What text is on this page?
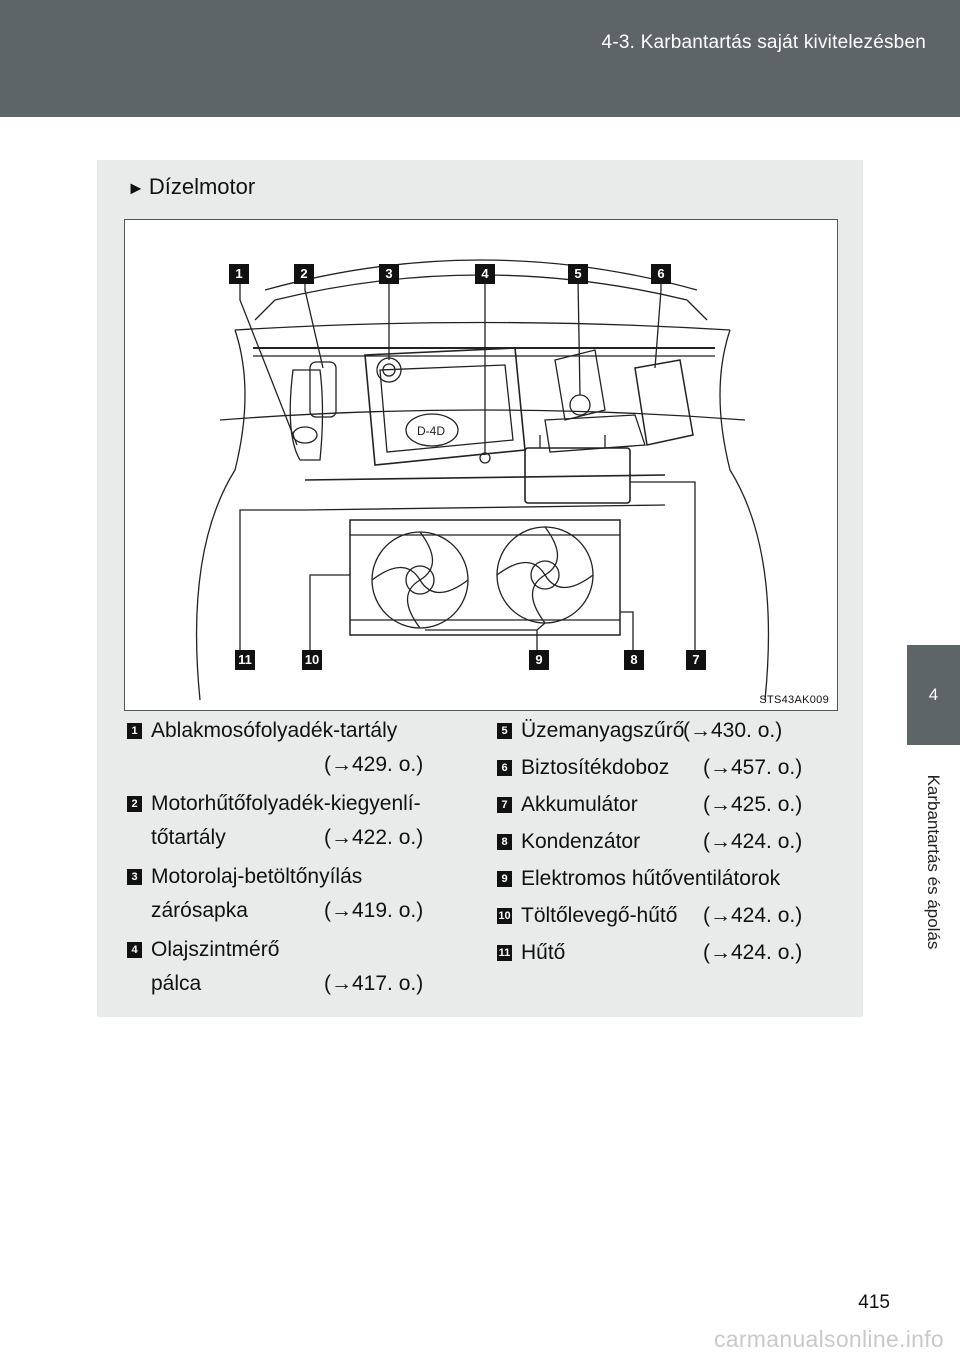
4-3. Karbantartás saját kivitelezésben
4
Karbantartás és ápolás
► Dízelmotor
D-4D
1	2	3	4	5	6
11	10	9	8	7
STS43AK009
1 Ablakmosófolyadék-tartály
(→429. o.)
2 Motorhűtőfolyadék-kiegyenlí-
tőtartály	(→422. o.)
3 Motorolaj-betöltőnyílás
zárósapka	(→419. o.)
4 Olajszintmérő
pálca	(→417. o.)
5 Üzemanyagszűrő
(→430. o.)
6 Biztosítékdoboz (→457. o.)
7 Akkumulátor	(→425. o.)
8 Kondenzátor	(→424. o.)
9 Elektromos hűtőventilátorok
10 Töltőlevegő-hűtő (→424. o.)
11 Hűtő	(→424. o.)
415
carmanualsonline.info
